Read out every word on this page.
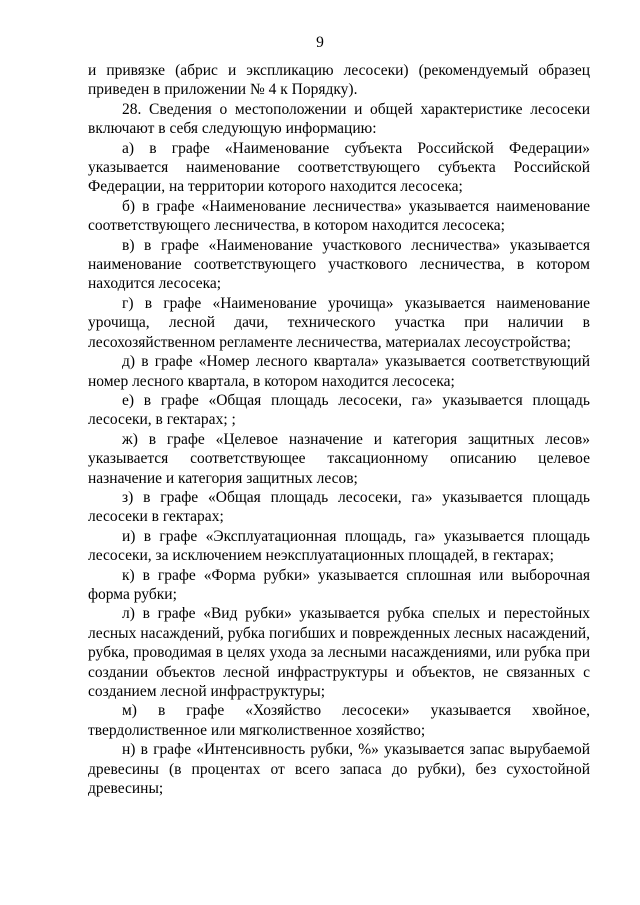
9

и привязке (абрис и экспликацию лесосеки) (рекомендуемый образец приведен в приложении № 4 к Порядку).

28. Сведения о местоположении и общей характеристике лесосеки включают в себя следующую информацию:

а) в графе «Наименование субъекта Российской Федерации» указывается наименование соответствующего субъекта Российской Федерации, на территории которого находится лесосека;

б) в графе «Наименование лесничества» указывается наименование соответствующего лесничества, в котором находится лесосека;

в) в графе «Наименование участкового лесничества» указывается наименование соответствующего участкового лесничества, в котором находится лесосека;

г) в графе «Наименование урочища» указывается наименование урочища, лесной дачи, технического участка при наличии в лесохозяйственном регламенте лесничества, материалах лесоустройства;

д) в графе «Номер лесного квартала» указывается соответствующий номер лесного квартала, в котором находится лесосека;

е) в графе «Общая площадь лесосеки, га» указывается площадь лесосеки, в гектарах; ;

ж) в графе «Целевое назначение и категория защитных лесов» указывается соответствующее таксационному описанию целевое назначение и категория защитных лесов;

з) в графе «Общая площадь лесосеки, га» указывается площадь лесосеки в гектарах;

и) в графе «Эксплуатационная площадь, га» указывается площадь лесосеки, за исключением неэксплуатационных площадей, в гектарах;

к) в графе «Форма рубки» указывается сплошная или выборочная форма рубки;

л) в графе «Вид рубки» указывается рубка спелых и перестойных лесных насаждений, рубка погибших и поврежденных лесных насаждений, рубка, проводимая в целях ухода за лесными насаждениями, или рубка при создании объектов лесной инфраструктуры и объектов, не связанных с созданием лесной инфраструктуры;

м) в графе «Хозяйство лесосеки» указывается хвойное, твердолиственное или мягколиственное хозяйство;

н) в графе «Интенсивность рубки, %» указывается запас вырубаемой древесины (в процентах от всего запаса до рубки), без сухостойной древесины;
